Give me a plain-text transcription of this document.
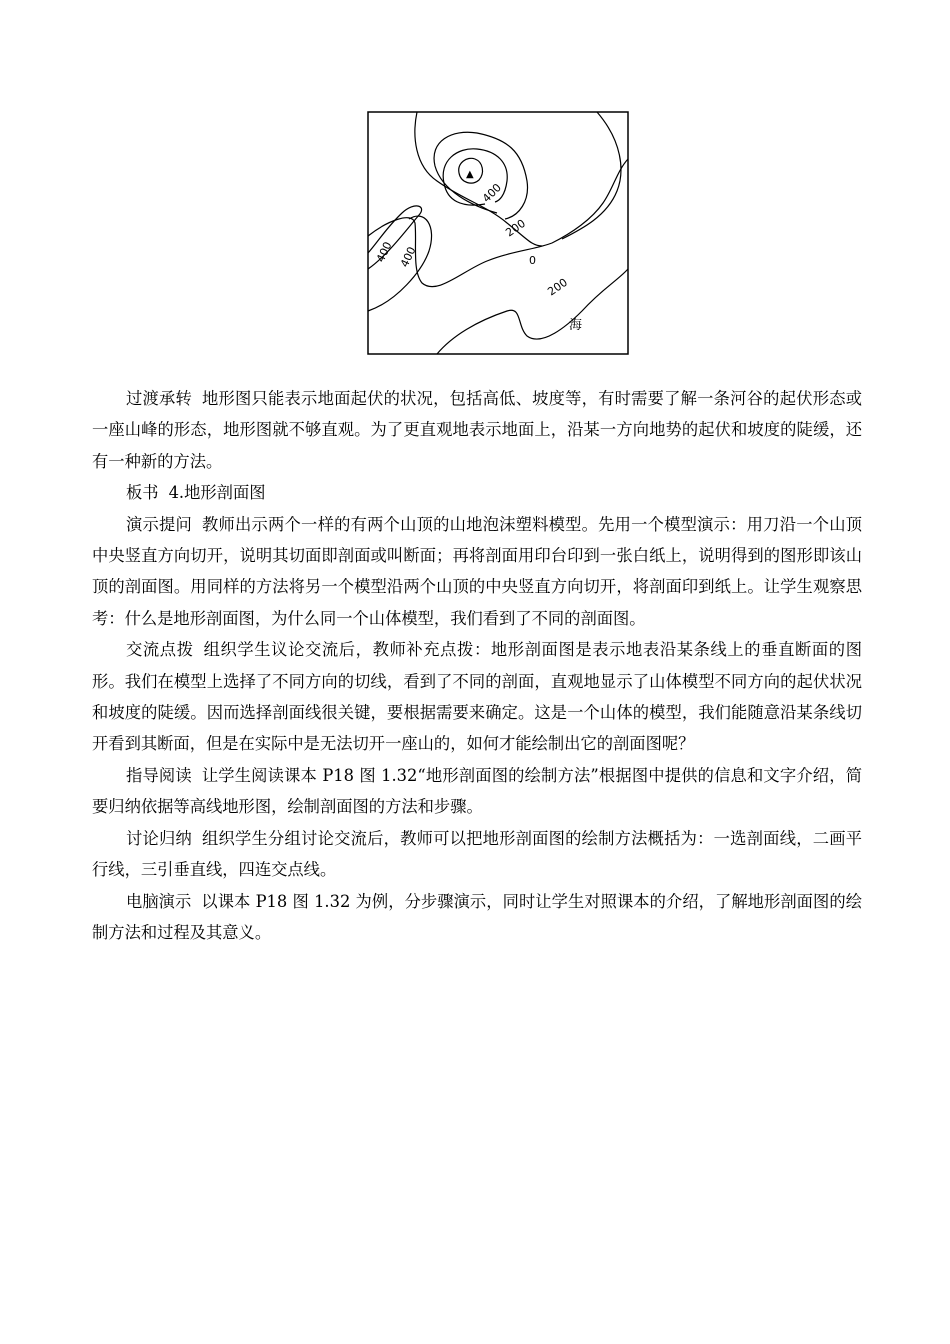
▲
400
200
0
200
400 400
海

过渡承转 地形图只能表示地面起伏的状况，包括高低、坡度等，有时需要了解一条河谷的起伏形态或一座山峰的形态，地形图就不够直观。为了更直观地表示地面上，沿某一方向地势的起伏和坡度的陡缓，还有一种新的方法。

板书 4.地形剖面图

演示提问 教师出示两个一样的有两个山顶的山地泡沫塑料模型。先用一个模型演示：用刀沿一个山顶中央竖直方向切开，说明其切面即剖面或叫断面；再将剖面用印台印到一张白纸上，说明得到的图形即该山顶的剖面图。用同样的方法将另一个模型沿两个山顶的中央竖直方向切开，将剖面印到纸上。让学生观察思考：什么是地形剖面图，为什么同一个山体模型，我们看到了不同的剖面图。

交流点拨 组织学生议论交流后，教师补充点拨：地形剖面图是表示地表沿某条线上的垂直断面的图形。我们在模型上选择了不同方向的切线，看到了不同的剖面，直观地显示了山体模型不同方向的起伏状况和坡度的陡缓。因而选择剖面线很关键，要根据需要来确定。这是一个山体的模型，我们能随意沿某条线切开看到其断面，但是在实际中是无法切开一座山的，如何才能绘制出它的剖面图呢？

指导阅读 让学生阅读课本 P18 图 1.32“地形剖面图的绘制方法”根据图中提供的信息和文字介绍，简要归纳依据等高线地形图，绘制剖面图的方法和步骤。

讨论归纳 组织学生分组讨论交流后，教师可以把地形剖面图的绘制方法概括为：一选剖面线，二画平行线，三引垂直线，四连交点线。

电脑演示 以课本 P18 图 1.32 为例，分步骤演示，同时让学生对照课本的介绍，了解地形剖面图的绘制方法和过程及其意义。
